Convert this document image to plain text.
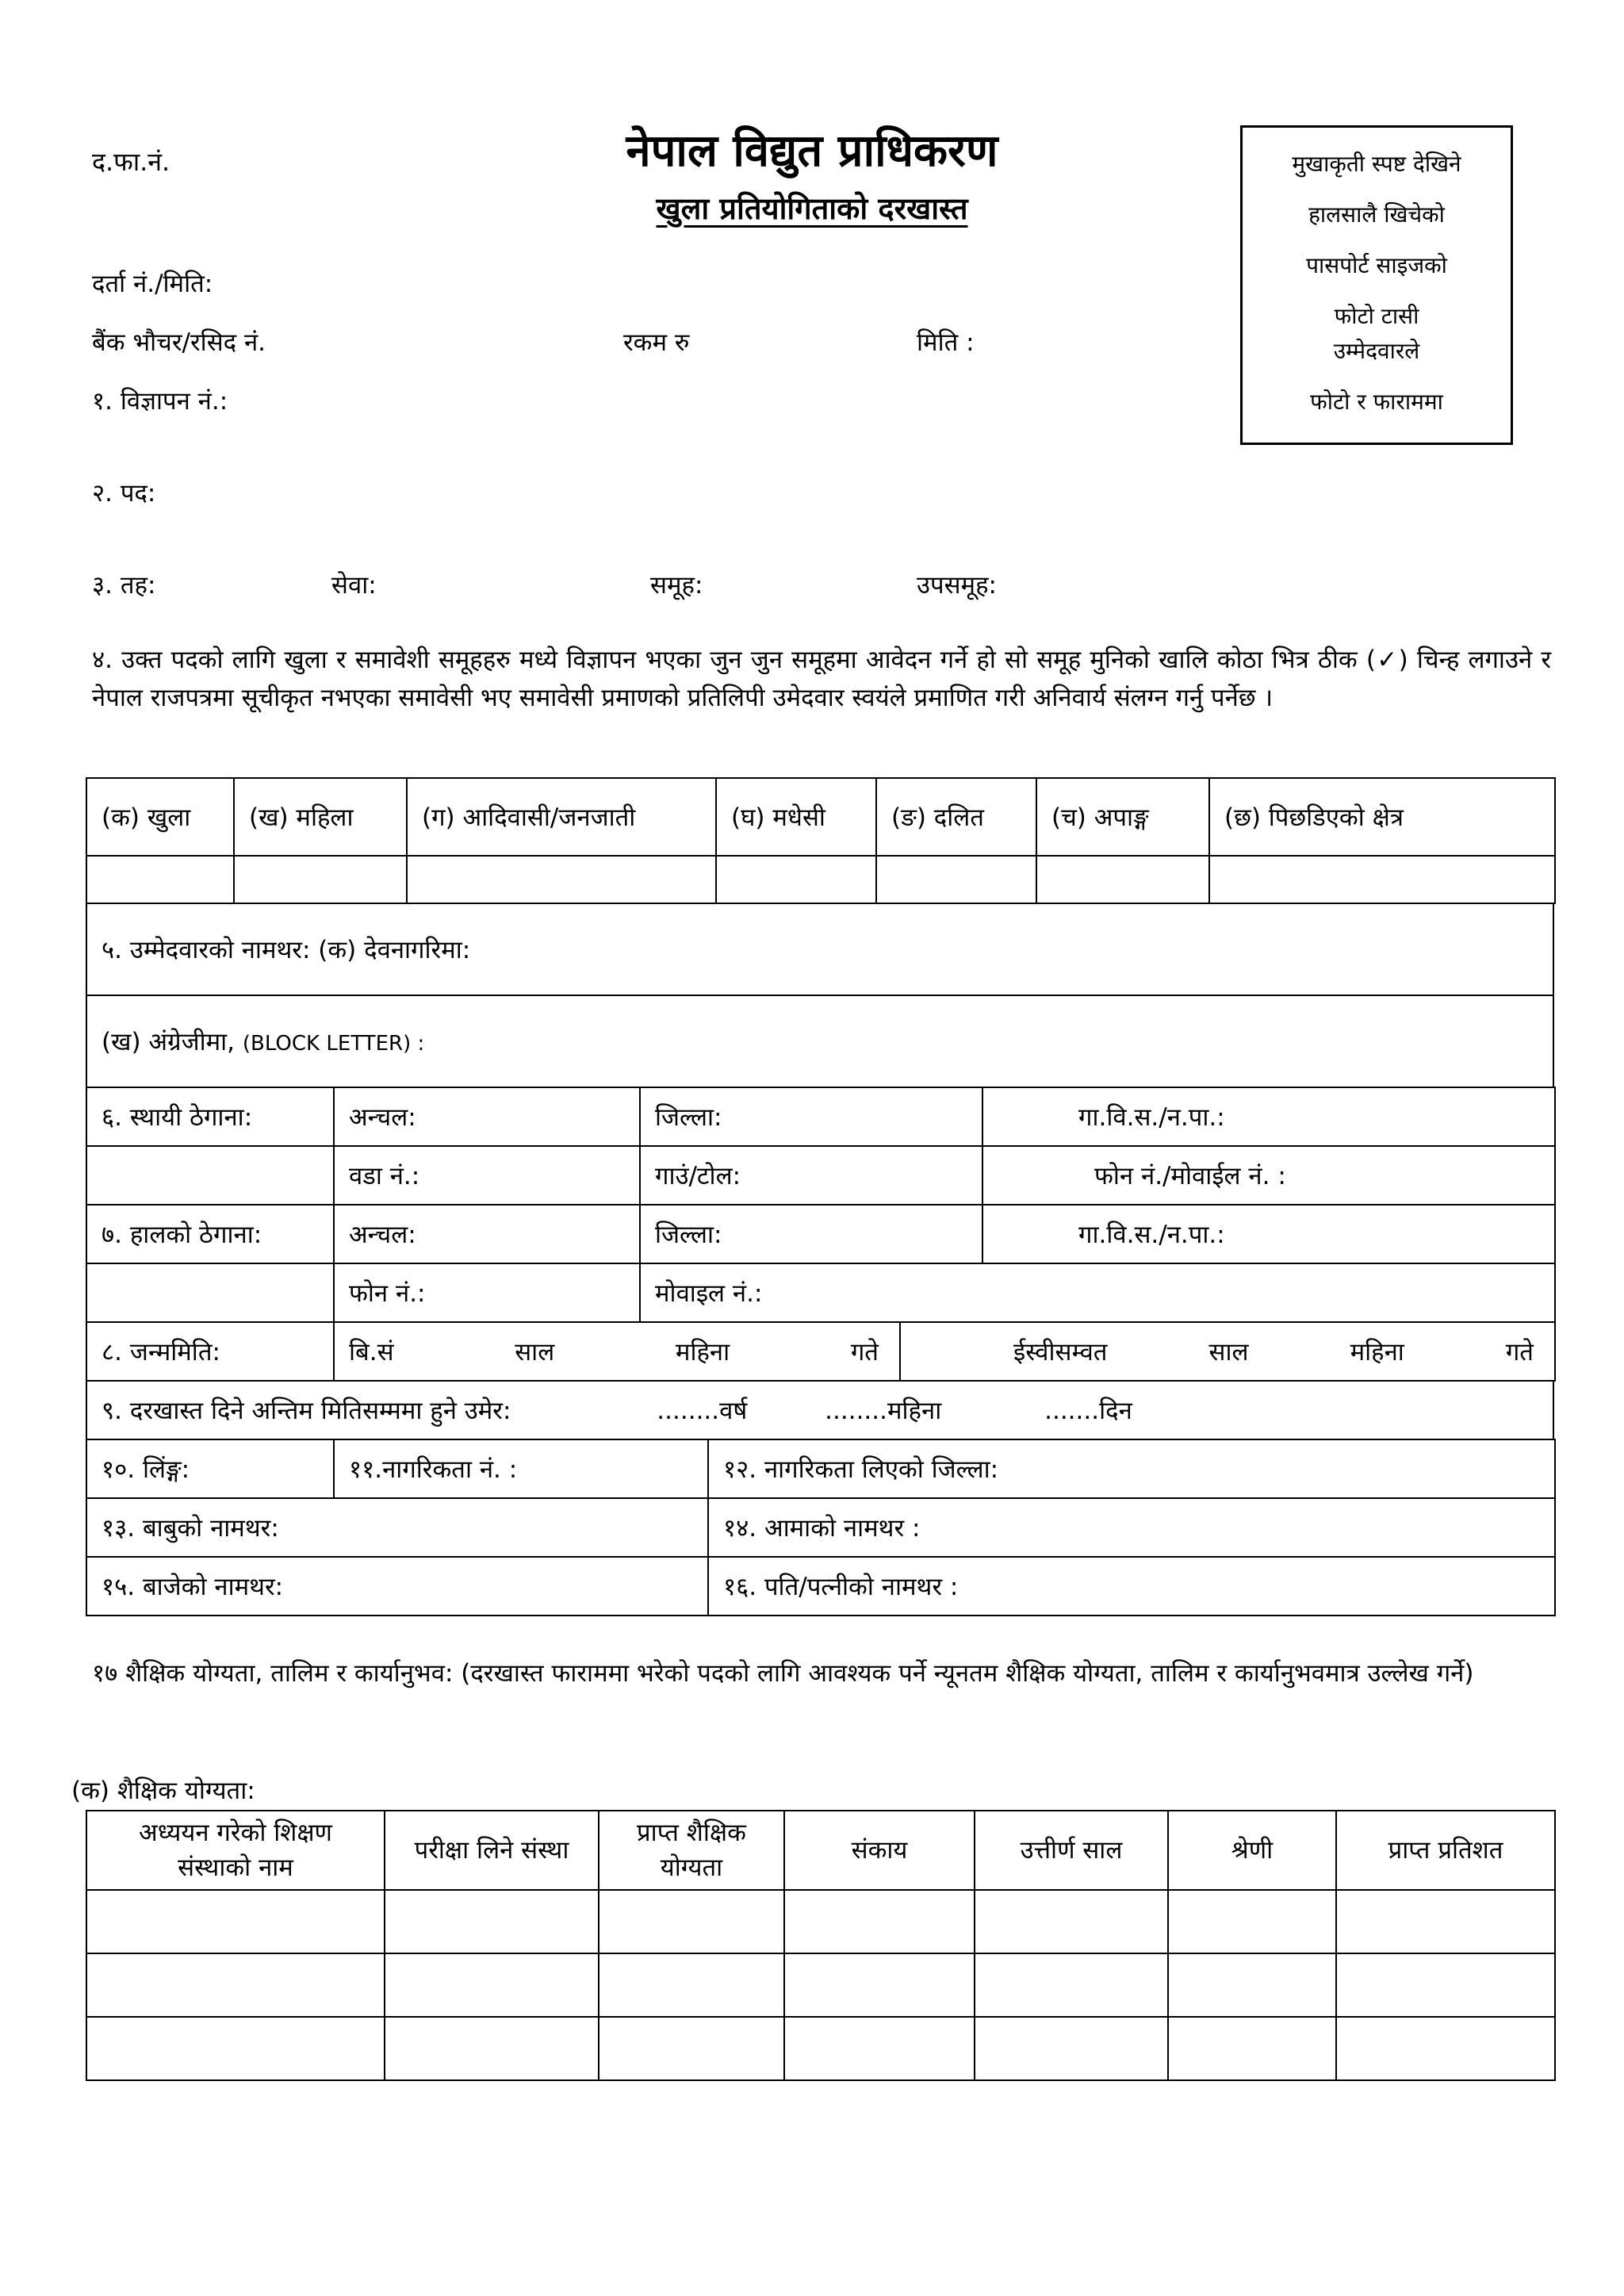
द.फा.नं.	नेपाल विद्युत प्राधिकरण
खुला प्रतियोगिताको दरखास्त
मुखाकृती स्पष्ट देखिने
हालसालै खिचेको
पासपोर्ट साइजको
फोटो टासी
उम्मेदवारले
फोटो र फाराममा
दर्ता नं./मिति:
बैंक भौचर/रसिद नं.	रकम रु	मिति :
१. विज्ञापन नं.:
२. पद:
३. तह:	सेवा:	समूह:	उपसमूह:
४. उक्त पदको लागि खुला र समावेशी समूहहरु मध्ये विज्ञापन भएका जुन जुन समूहमा आवेदन गर्ने हो सो समूह मुनिको खालि कोठा भित्र ठीक (✓) चिन्ह लगाउने र नेपाल राजपत्रमा सूचीकृत नभएका समावेसी भए समावेसी प्रमाणको प्रतिलिपी उमेदवार स्वयंले प्रमाणित गरी अनिवार्य संलग्न गर्नु पर्नेछ ।
(क) खुला	(ख) महिला	(ग) आदिवासी/जनजाती	(घ) मधेसी	(ङ) दलित	(च) अपाङ्ग	(छ) पिछडिएको क्षेत्र

५. उम्मेदवारको नामथर: (क) देवनागरिमा:
(ख) अंग्रेजीमा, (BLOCK LETTER) :
६. स्थायी ठेगाना:	अन्चल:	जिल्ला:	गा.वि.स./न.पा.:
	वडा नं.:	गाउं/टोल:	फोन नं./मोवाईल नं. :
७. हालको ठेगाना:	अन्चल:	जिल्ला:	गा.वि.स./न.पा.:
	फोन नं.:	मोवाइल नं.:	
८. जन्ममिति:	बि.सं	साल	महिना	गते	ईस्वीसम्वत	साल	महिना	गते
९. दरखास्त दिने अन्तिम मितिसम्ममा हुने उमेर:	........वर्ष	........महिना	.......दिन
१०. लिंङ्ग:	११.नागरिकता नं. :	१२. नागरिकता लिएको जिल्ला:
१३. बाबुको नामथर:		१४. आमाको नामथर :
१५. बाजेको नामथर:		१६. पति/पत्नीको नामथर :
१७ शैक्षिक योग्यता, तालिम र कार्यानुभव: (दरखास्त फाराममा भरेको पदको लागि आवश्यक पर्ने न्यूनतम शैक्षिक योग्यता, तालिम र कार्यानुभवमात्र उल्लेख गर्ने)
(क) शैक्षिक योग्यता:
अध्ययन गरेको शिक्षण संस्थाको नाम	परीक्षा लिने संस्था	प्राप्त शैक्षिक योग्यता	संकाय	उत्तीर्ण साल	श्रेणी	प्राप्त प्रतिशत
